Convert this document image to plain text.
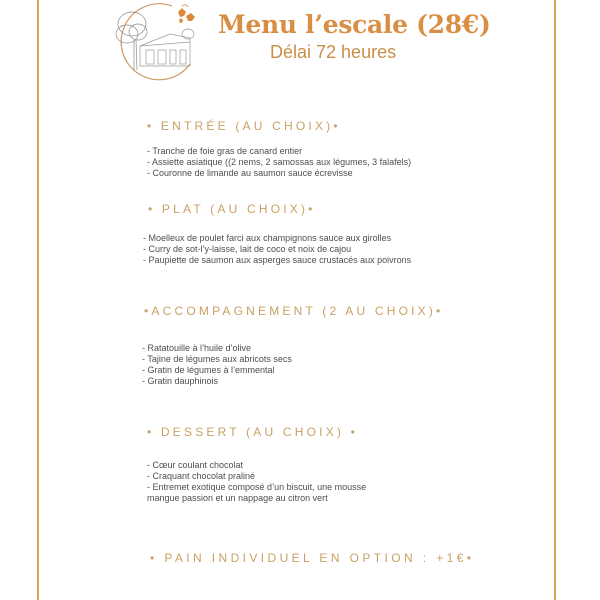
Menu l’escale (28€)
Délai 72 heures
• ENTRÉE (AU CHOIX)•
- Tranche de foie gras de canard entier
- Assiette asiatique ((2 nems, 2 samossas aux légumes, 3 falafels)
- Couronne de limande au saumon sauce écrevisse
• PLAT (AU CHOIX)•
- Moelleux de poulet farci aux champignons sauce aux girolles
- Curry de sot-l’y-laisse, lait de coco et noix de cajou
- Paupiette de saumon aux asperges sauce crustacés aux poivrons
•ACCOMPAGNEMENT (2 AU CHOIX)•
- Ratatouille à l’huile d’olive
- Tajine de légumes aux abricots secs
- Gratin de légumes à l’emmental
- Gratin dauphinois
• DESSERT (AU CHOIX) •
- Cœur coulant chocolat
- Craquant chocolat praliné
- Entremet exotique composé d’un biscuit, une mousse
mangue passion et un nappage au citron vert
• PAIN INDIVIDUEL EN OPTION : +1€•
